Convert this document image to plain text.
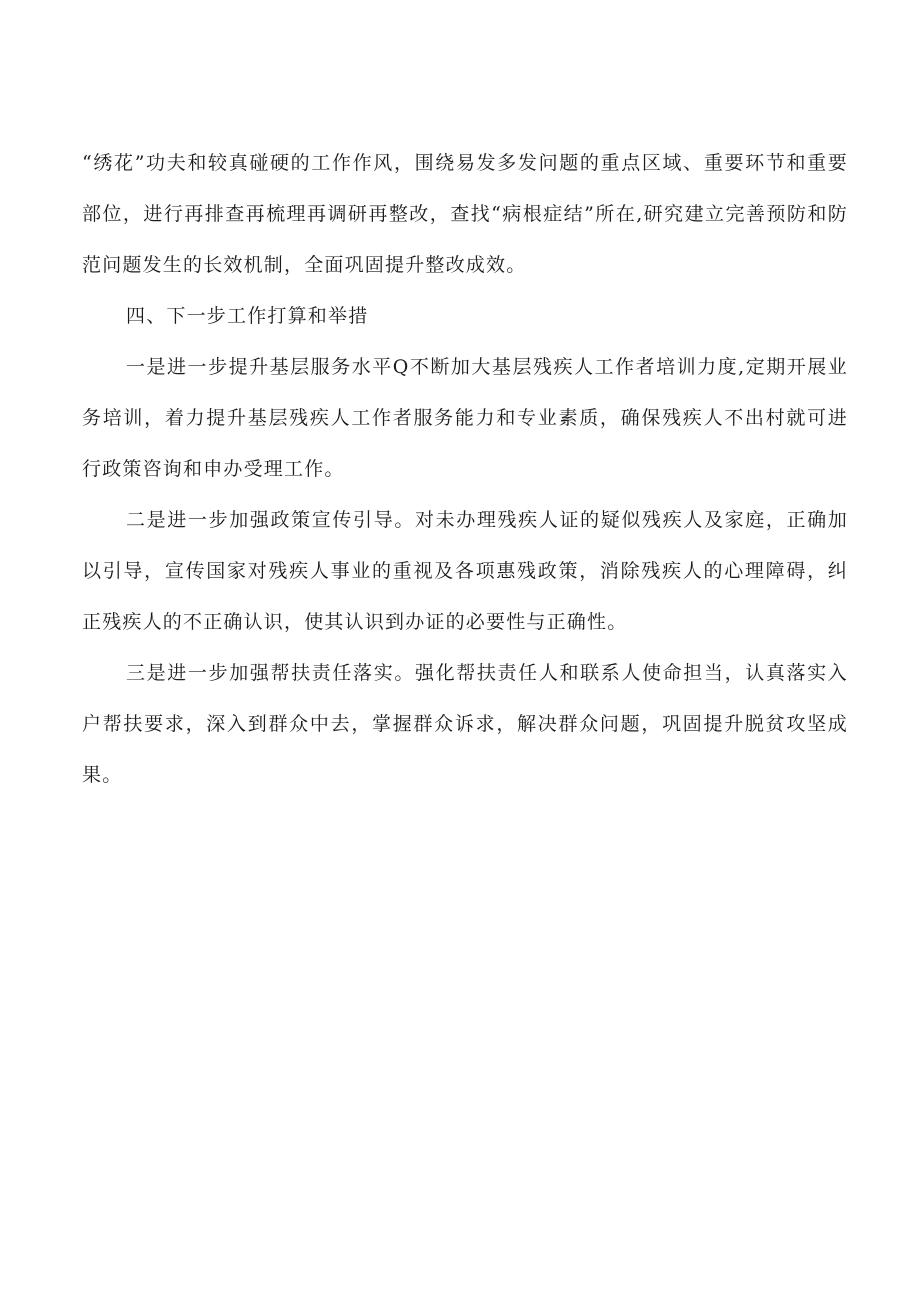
“绣花”功夫和较真碰硬的工作作风，围绕易发多发问题的重点区域、重要环节和重要部位，进行再排查再梳理再调研再整改，查找“病根症结”所在,研究建立完善预防和防范问题发生的长效机制，全面巩固提升整改成效。

四、下一步工作打算和举措

一是进一步提升基层服务水平Q不断加大基层残疾人工作者培训力度,定期开展业务培训，着力提升基层残疾人工作者服务能力和专业素质，确保残疾人不出村就可进行政策咨询和申办受理工作。

二是进一步加强政策宣传引导。对未办理残疾人证的疑似残疾人及家庭，正确加以引导，宣传国家对残疾人事业的重视及各项惠残政策，消除残疾人的心理障碍，纠正残疾人的不正确认识，使其认识到办证的必要性与正确性。

三是进一步加强帮扶责任落实。强化帮扶责任人和联系人使命担当，认真落实入户帮扶要求，深入到群众中去，掌握群众诉求，解决群众问题，巩固提升脱贫攻坚成果。
